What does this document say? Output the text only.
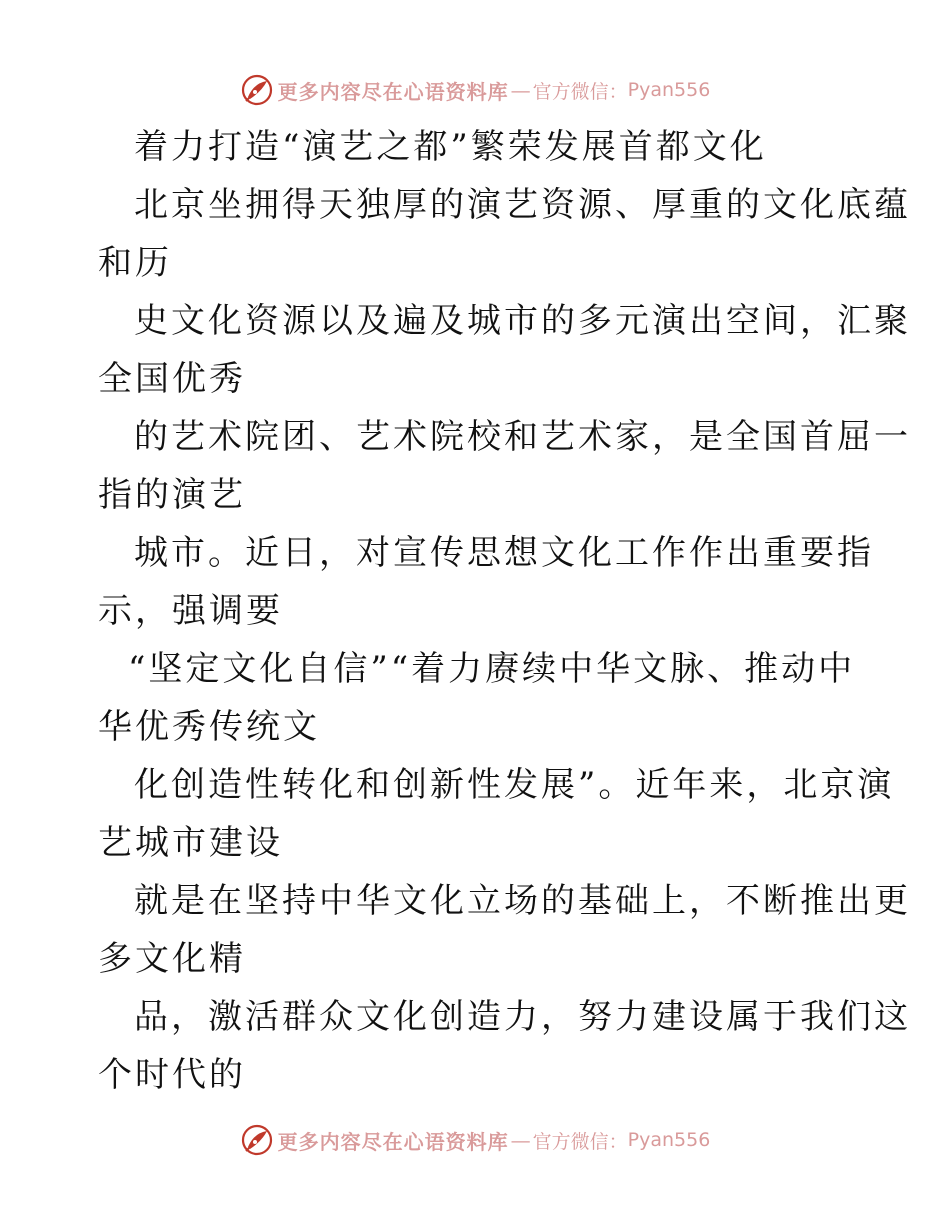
更多内容尽在心语资料库 — 官方微信： Pyan556
着力打造“演艺之都”繁荣发展首都文化
北京坐拥得天独厚的演艺资源、厚重的文化底蕴
和历
史文化资源以及遍及城市的多元演出空间，汇聚
全国优秀
的艺术院团、艺术院校和艺术家，是全国首屈一
指的演艺
城市。近日，对宣传思想文化工作作出重要指
示，强调要
“坚定文化自信”“着力赓续中华文脉、推动中
华优秀传统文
化创造性转化和创新性发展”。近年来，北京演
艺城市建设
就是在坚持中华文化立场的基础上，不断推出更
多文化精
品，激活群众文化创造力，努力建设属于我们这
个时代的
更多内容尽在心语资料库 — 官方微信： Pyan556
